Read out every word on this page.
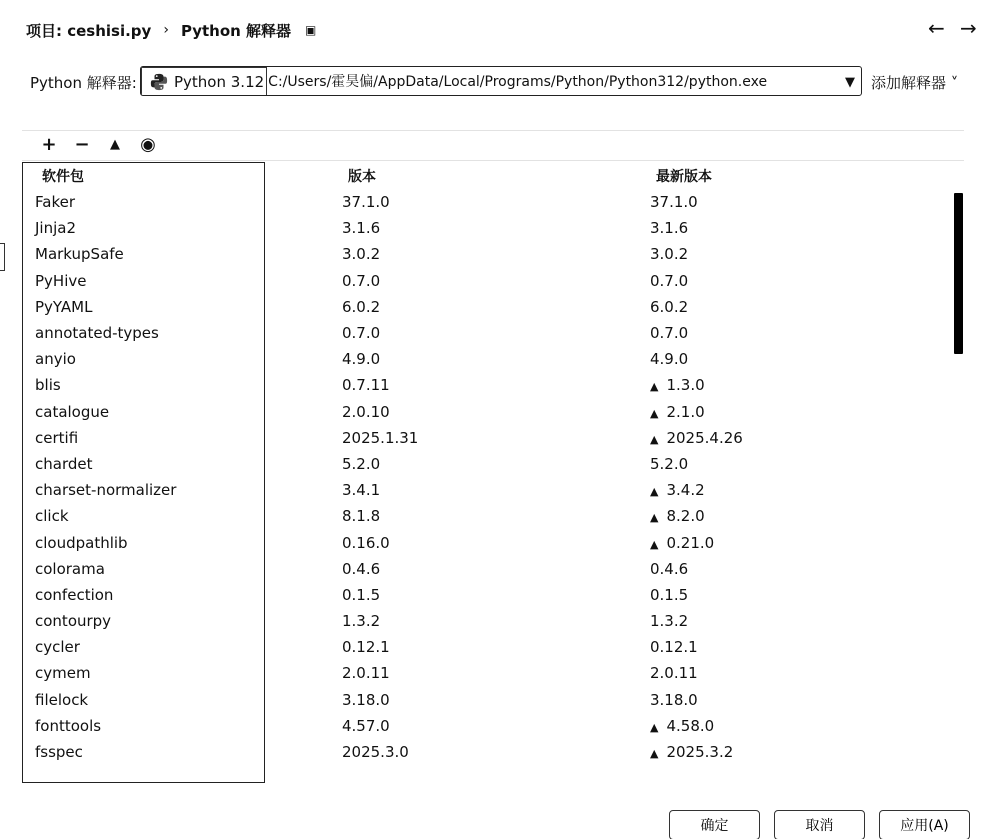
项目: ceshisi.py › Python 解释器 ▣	← →
Python 解释器: Python 3.12 C:/Users/霍昊偏/AppData/Local/Programs/Python/Python312/python.exe	▼ 添加解释器 ˅
+ −	▲	◉
软件包	版本	最新版本
Faker	37.1.0	37.1.0
Jinja2	3.1.6	3.1.6
MarkupSafe	3.0.2	3.0.2
PyHive	0.7.0	0.7.0
PyYAML	6.0.2	6.0.2
annotated-types	0.7.0	0.7.0
anyio	4.9.0	4.9.0
blis	0.7.11	▲ 1.3.0
catalogue	2.0.10	▲ 2.1.0
certifi	2025.1.31	▲ 2025.4.26
chardet	5.2.0	5.2.0
charset-normalizer	3.4.1	▲ 3.4.2
click	8.1.8	▲ 8.2.0
cloudpathlib	0.16.0	▲ 0.21.0
colorama	0.4.6	0.4.6
confection	0.1.5	0.1.5
contourpy	1.3.2	1.3.2
cycler	0.12.1	0.12.1
cymem	2.0.11	2.0.11
filelock	3.18.0	3.18.0
fonttools	4.57.0	▲ 4.58.0
fsspec	2025.3.0	▲ 2025.3.2
确定	取消	应用(A)
